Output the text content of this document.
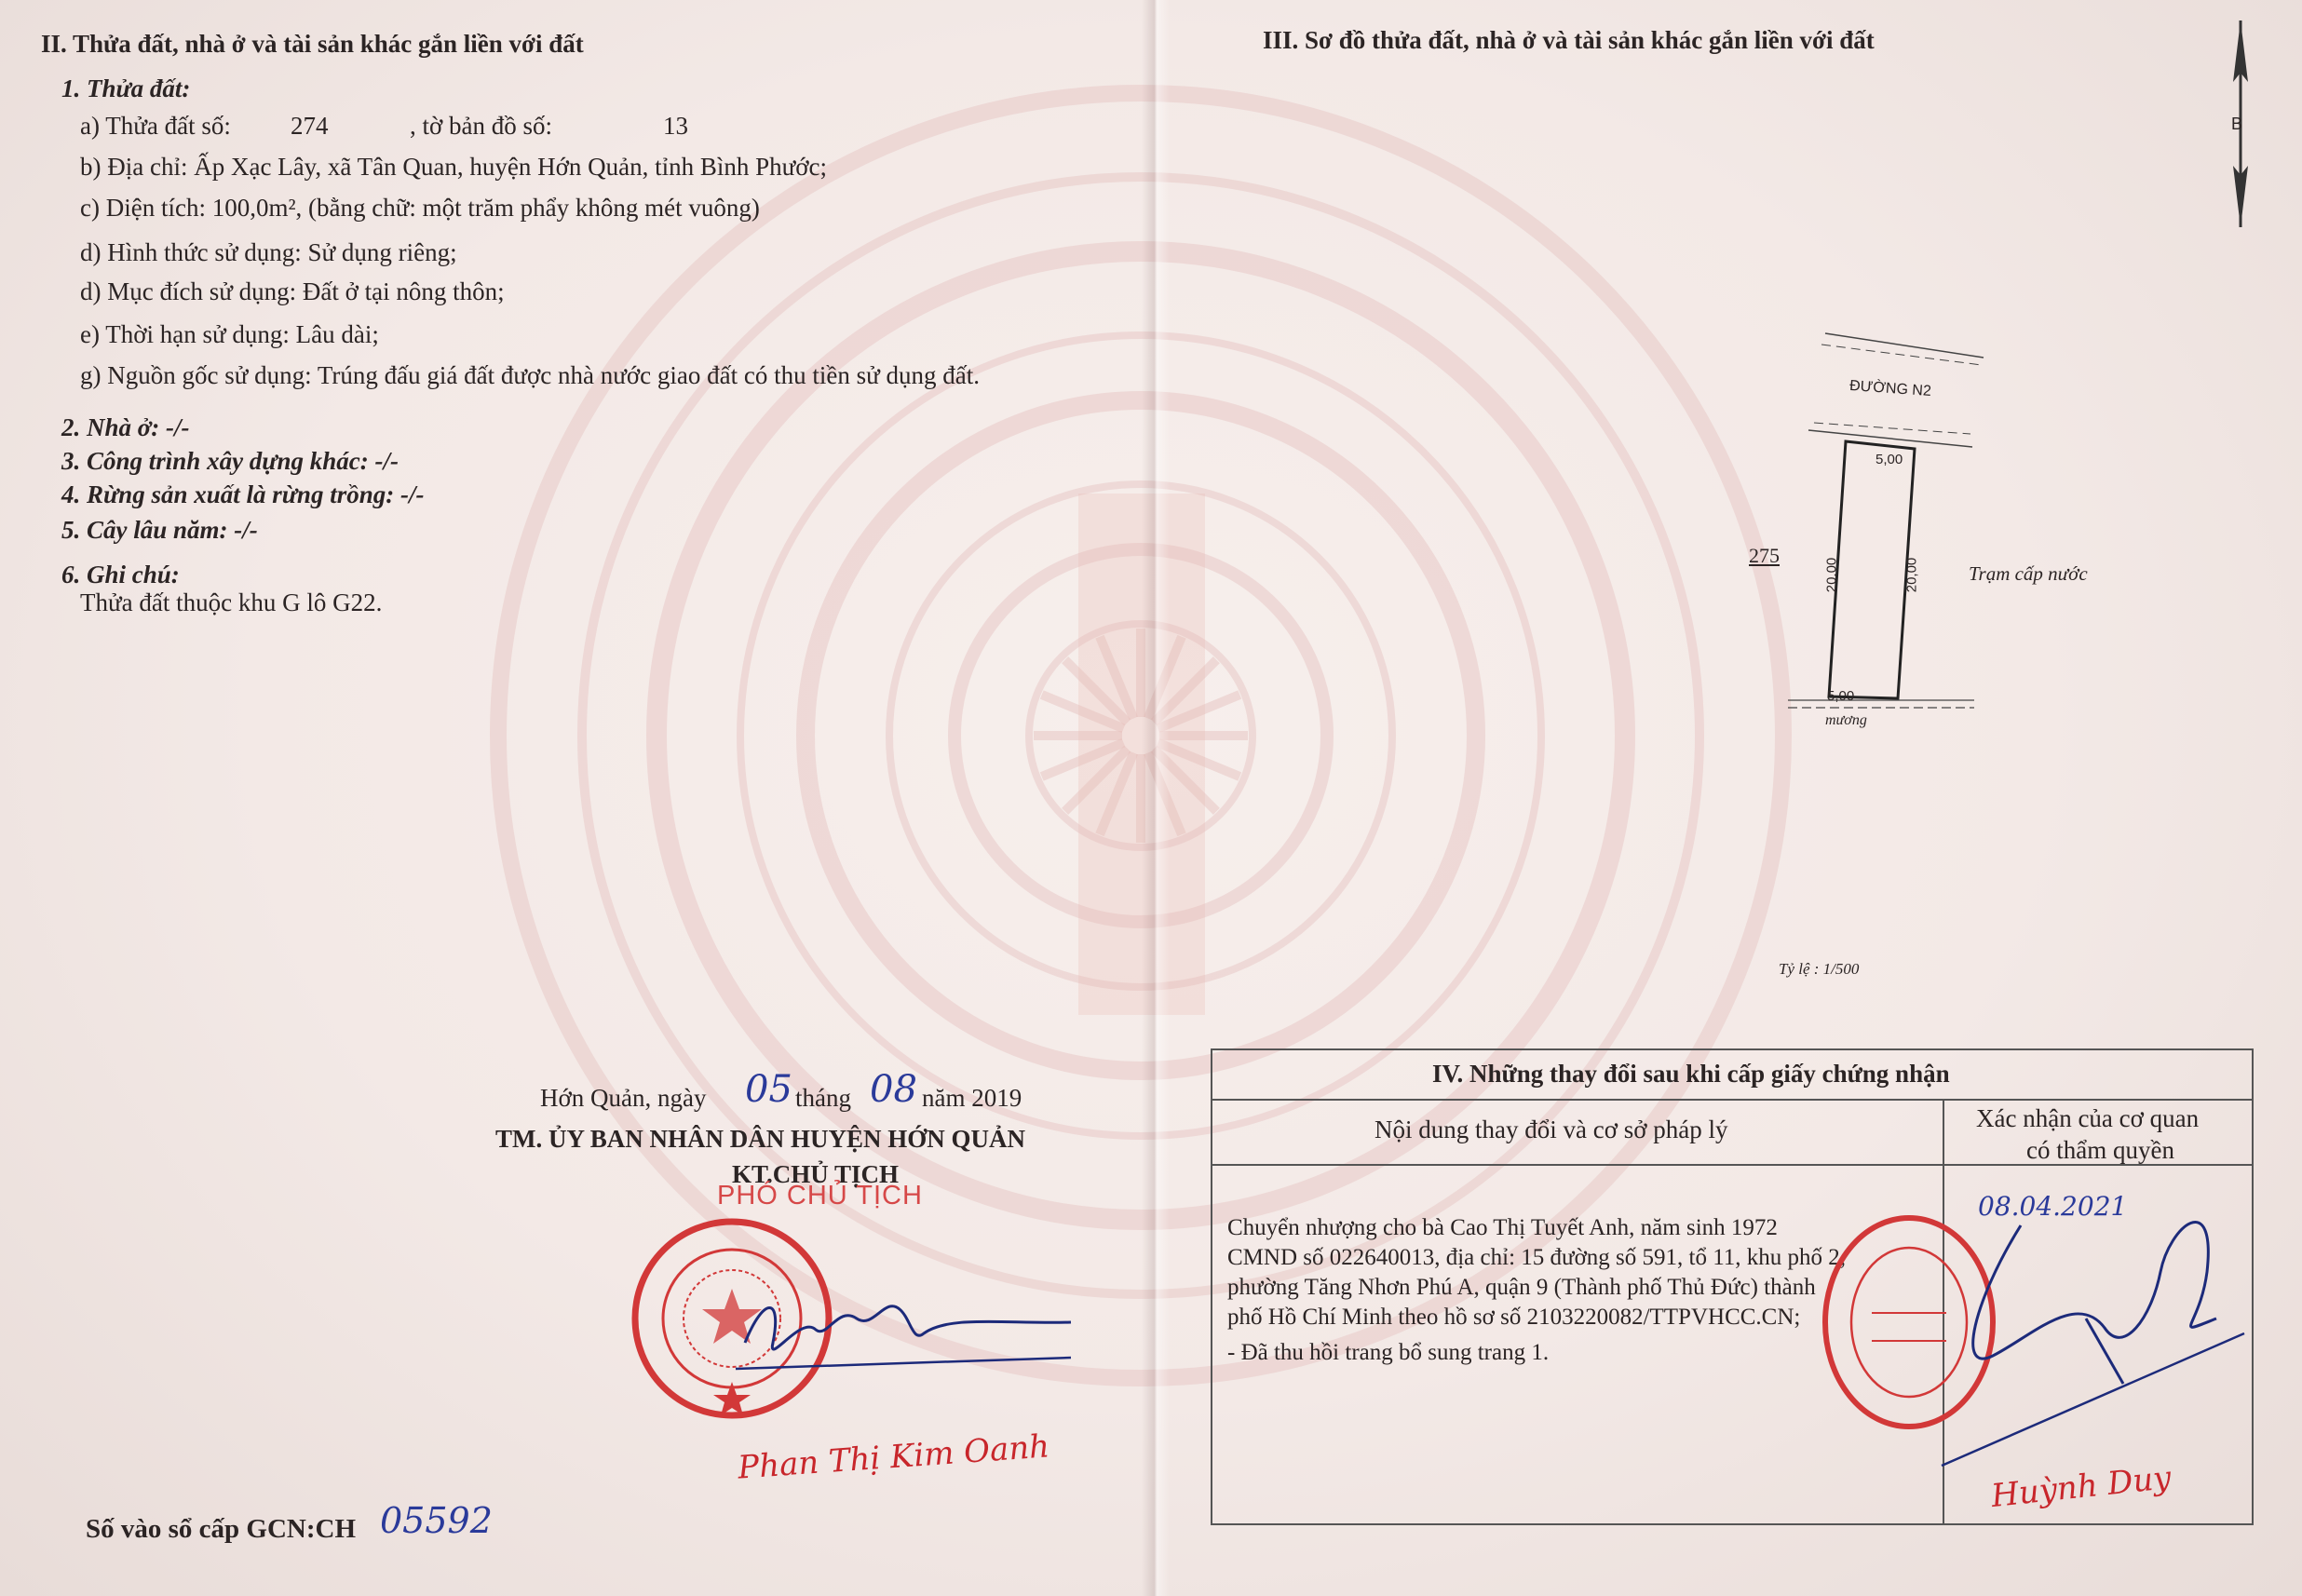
II. Thửa đất, nhà ở và tài sản khác gắn liền với đất
1. Thửa đất:
a) Thửa đất số: 274	, tờ bản đồ số:	13
b) Địa chỉ: Ấp Xạc Lây, xã Tân Quan, huyện Hớn Quản, tỉnh Bình Phước;
c) Diện tích: 100,0m², (bằng chữ: một trăm phẩy không mét vuông)
d) Hình thức sử dụng: Sử dụng riêng;
d) Mục đích sử dụng: Đất ở tại nông thôn;
e) Thời hạn sử dụng: Lâu dài;
g) Nguồn gốc sử dụng: Trúng đấu giá đất được nhà nước giao đất có thu tiền sử dụng đất.
2. Nhà ở: -/-
3. Công trình xây dựng khác: -/-
4. Rừng sản xuất là rừng trồng: -/-
5. Cây lâu năm: -/-
6. Ghi chú:
Thửa đất thuộc khu G lô G22.
Hớn Quản, ngày 05 tháng 08 năm 2019
TM. ỦY BAN NHÂN DÂN HUYỆN HỚN QUẢN
KT.CHỦ TỊCH
PHÓ CHỦ TỊCH
Phan Thị Kim Oanh
Số vào sổ cấp GCN:CH 05592
III. Sơ đồ thửa đất, nhà ở và tài sản khác gắn liền với đất
B
ĐƯỜNG N2
5,00
20,00	20,00
5,00
275
Trạm cấp nước
mương
Tỷ lệ : 1/500
IV. Những thay đổi sau khi cấp giấy chứng nhận
Nội dung thay đổi và cơ sở pháp lý	Xác nhận của cơ quan
có thẩm quyền
Chuyển nhượng cho bà Cao Thị Tuyết Anh, năm sinh 1972
CMND số 022640013, địa chỉ: 15 đường số 591, tổ 11, khu phố 2,
phường Tăng Nhơn Phú A, quận 9 (Thành phố Thủ Đức) thành
phố Hồ Chí Minh theo hồ sơ số 2103220082/TTPVHCC.CN;
- Đã thu hồi trang bổ sung trang 1.
08.04.2021
Huỳnh Duy
